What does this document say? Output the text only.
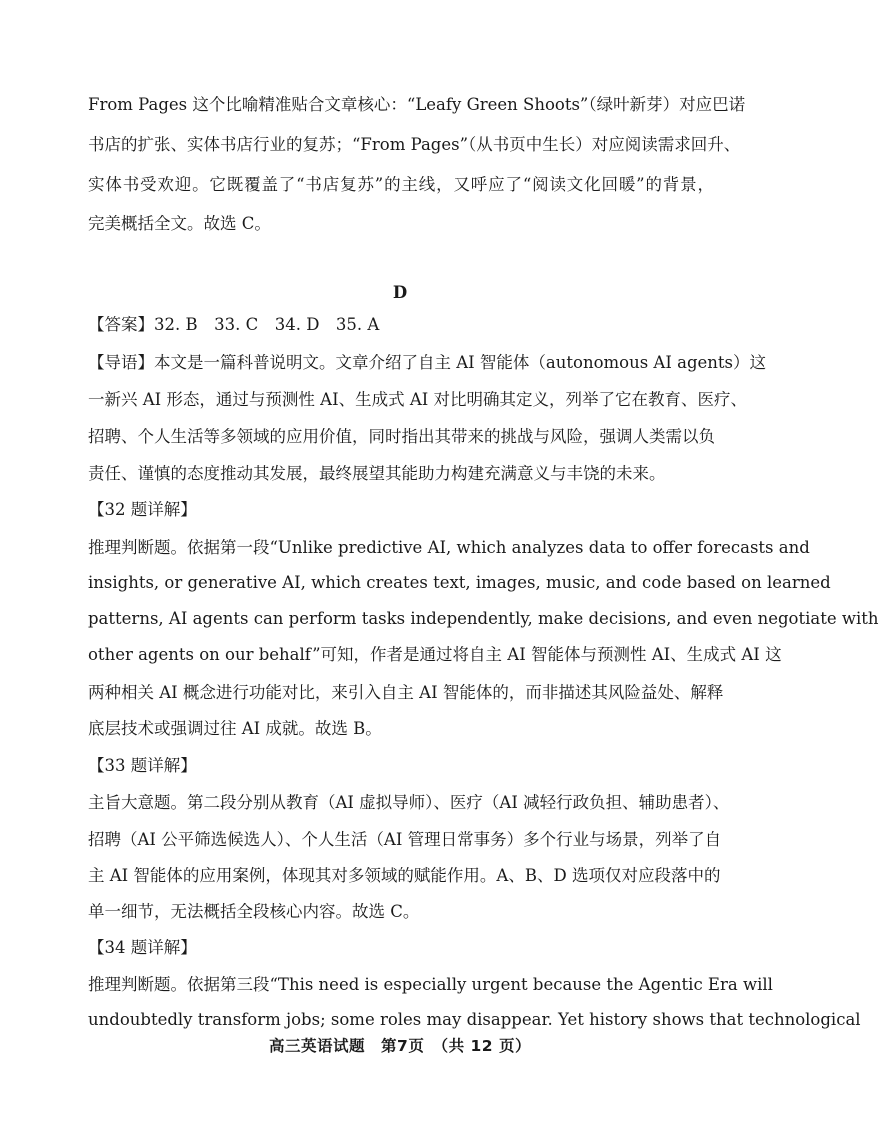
From Pages 这个比喻精准贴合文章核心：“Leafy Green Shoots”（绿叶新芽）对应巴诺
书店的扩张、实体书店行业的复苏；“From Pages”（从书页中生长）对应阅读需求回升、
实体书受欢迎。它既覆盖了“书店复苏”的主线，又呼应了“阅读文化回暖”的背景，
完美概括全文。故选 C。
D
【答案】32. B　33. C　34. D　35. A
【导语】本文是一篇科普说明文。文章介绍了自主 AI 智能体（autonomous AI agents）这
一新兴 AI 形态，通过与预测性 AI、生成式 AI 对比明确其定义，列举了它在教育、医疗、
招聘、个人生活等多领域的应用价值，同时指出其带来的挑战与风险，强调人类需以负
责任、谨慎的态度推动其发展，最终展望其能助力构建充满意义与丰饶的未来。
【32 题详解】
推理判断题。依据第一段“Unlike predictive AI, which analyzes data to offer forecasts and
insights, or generative AI, which creates text, images, music, and code based on learned
patterns, AI agents can perform tasks independently, make decisions, and even negotiate with
other agents on our behalf”可知，作者是通过将自主 AI 智能体与预测性 AI、生成式 AI 这
两种相关 AI 概念进行功能对比，来引入自主 AI 智能体的，而非描述其风险益处、解释
底层技术或强调过往 AI 成就。故选 B。
【33 题详解】
主旨大意题。第二段分别从教育（AI 虚拟导师）、医疗（AI 减轻行政负担、辅助患者）、
招聘（AI 公平筛选候选人）、个人生活（AI 管理日常事务）多个行业与场景，列举了自
主 AI 智能体的应用案例，体现其对多领域的赋能作用。A、B、D 选项仅对应段落中的
单一细节，无法概括全段核心内容。故选 C。
【34 题详解】
推理判断题。依据第三段“This need is especially urgent because the Agentic Era will
undoubtedly transform jobs; some roles may disappear. Yet history shows that technological
高三英语试题　第7页　（共 12 页）
